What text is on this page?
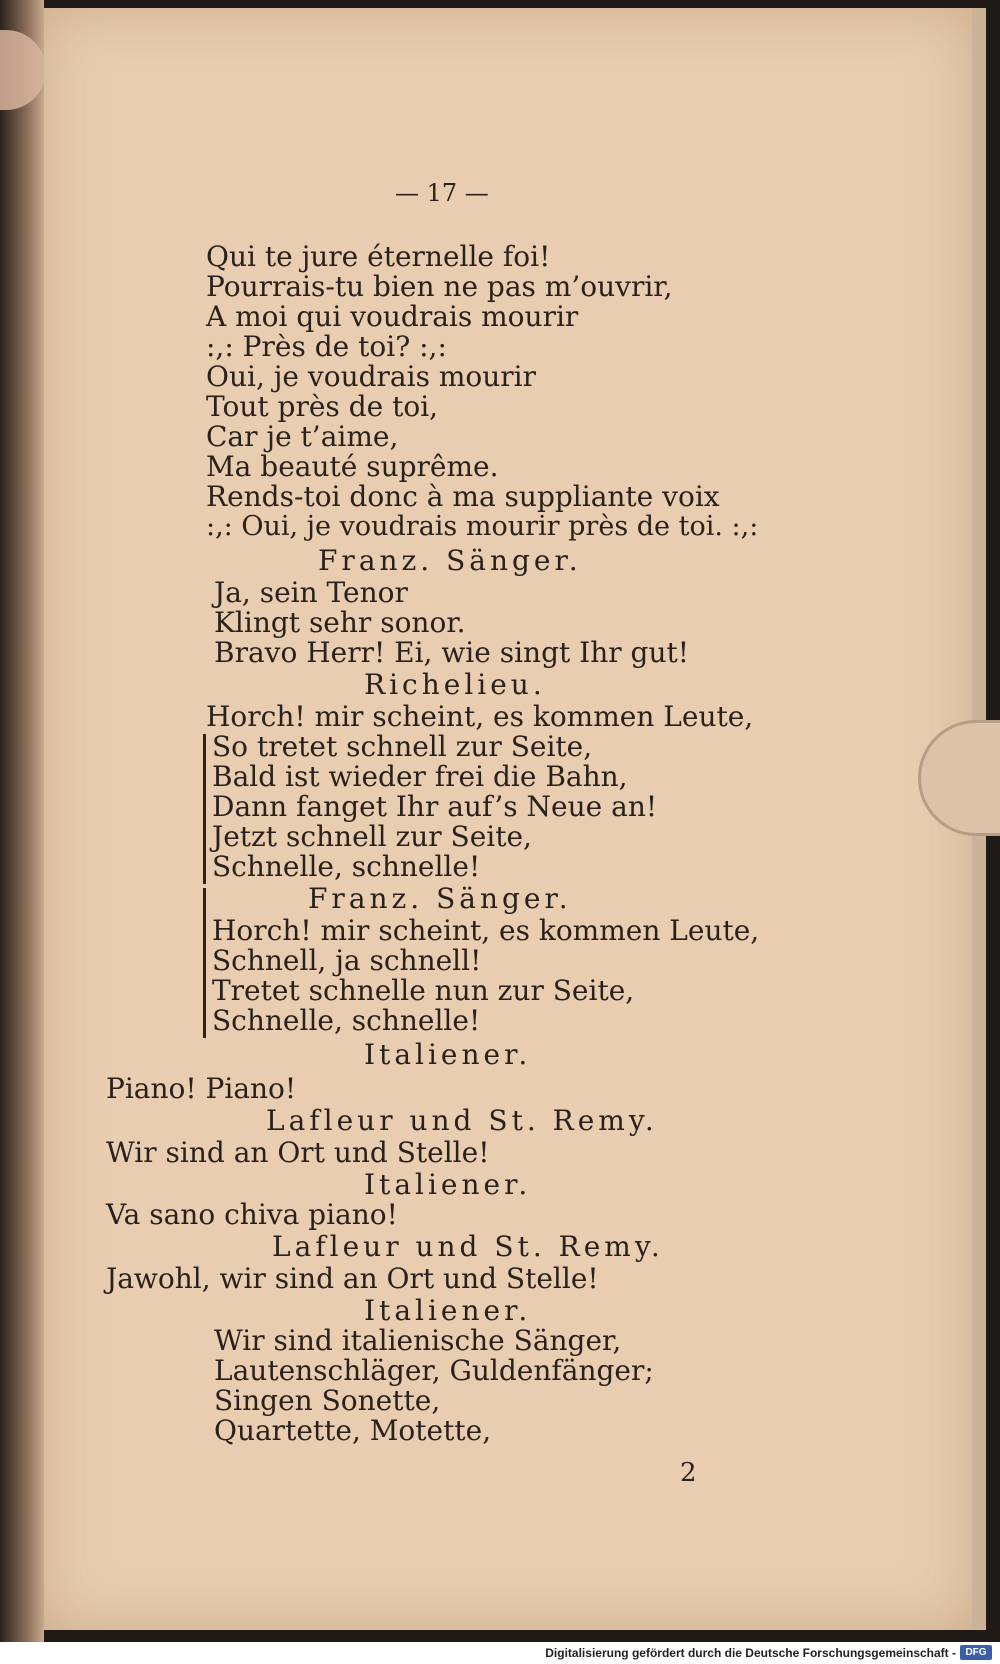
— 17 —
Qui te jure éternelle foi!
Pourrais-tu bien ne pas m’ouvrir,
A moi qui voudrais mourir
:,: Près de toi? :,:
Oui, je voudrais mourir
Tout près de toi,
Car je t’aime,
Ma beauté suprême.
Rends-toi donc à ma suppliante voix
:,: Oui, je voudrais mourir près de toi. :,:
Franz. Sänger.
Ja, sein Tenor
Klingt sehr sonor.
Bravo Herr! Ei, wie singt Ihr gut!
Richelieu.
Horch! mir scheint, es kommen Leute,
So tretet schnell zur Seite,
Bald ist wieder frei die Bahn,
Dann fanget Ihr auf’s Neue an!
Jetzt schnell zur Seite,
Schnelle, schnelle!
Franz. Sänger.
Horch! mir scheint, es kommen Leute,
Schnell, ja schnell!
Tretet schnelle nun zur Seite,
Schnelle, schnelle!
Italiener.
Piano! Piano!
Lafleur und St. Remy.
Wir sind an Ort und Stelle!
Italiener.
Va sano chiva piano!
Lafleur und St. Remy.
Jawohl, wir sind an Ort und Stelle!
Italiener.
Wir sind italienische Sänger,
Lautenschläger, Guldenfänger;
Singen Sonette,
Quartette, Motette,
2
Digitalisierung gefördert durch die Deutsche Forschungsgemeinschaft - DFG
